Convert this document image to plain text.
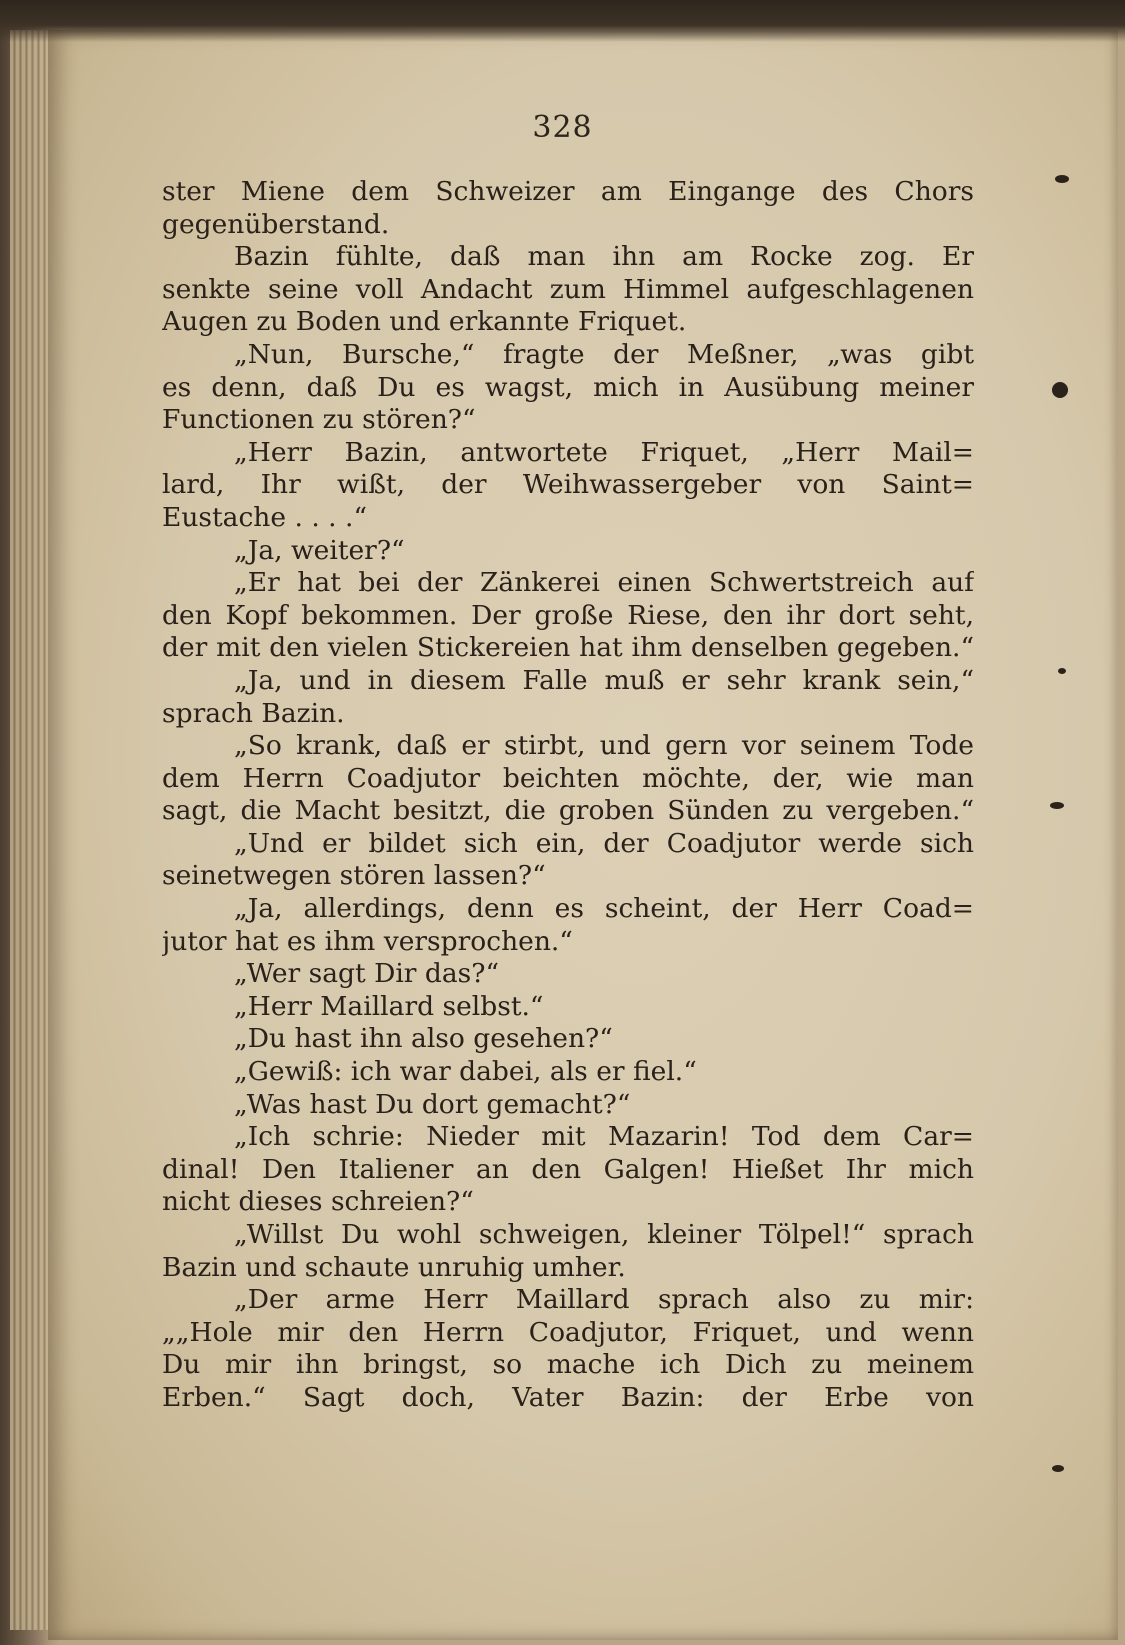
328
ster Miene dem Schweizer am Eingange des Chors
gegenüberstand.
Bazin fühlte, daß man ihn am Rocke zog. Er
senkte seine voll Andacht zum Himmel aufgeschlagenen
Augen zu Boden und erkannte Friquet.
„Nun, Bursche,“ fragte der Meßner, „was gibt
es denn, daß Du es wagst, mich in Ausübung meiner
Functionen zu stören?“
„Herr Bazin, antwortete Friquet, „Herr Mail=
lard, Ihr wißt, der Weihwassergeber von Saint=
Eustache . . . .“
„Ja, weiter?“
„Er hat bei der Zänkerei einen Schwertstreich auf
den Kopf bekommen. Der große Riese, den ihr dort seht,
der mit den vielen Stickereien hat ihm denselben gegeben.“
„Ja, und in diesem Falle muß er sehr krank sein,“
sprach Bazin.
„So krank, daß er stirbt, und gern vor seinem Tode
dem Herrn Coadjutor beichten möchte, der, wie man
sagt, die Macht besitzt, die groben Sünden zu vergeben.“
„Und er bildet sich ein, der Coadjutor werde sich
seinetwegen stören lassen?“
„Ja, allerdings, denn es scheint, der Herr Coad=
jutor hat es ihm versprochen.“
„Wer sagt Dir das?“
„Herr Maillard selbst.“
„Du hast ihn also gesehen?“
„Gewiß: ich war dabei, als er fiel.“
„Was hast Du dort gemacht?“
„Ich schrie: Nieder mit Mazarin! Tod dem Car=
dinal! Den Italiener an den Galgen! Hießet Ihr mich
nicht dieses schreien?“
„Willst Du wohl schweigen, kleiner Tölpel!“ sprach
Bazin und schaute unruhig umher.
„Der arme Herr Maillard sprach also zu mir:
„„Hole mir den Herrn Coadjutor, Friquet, und wenn
Du mir ihn bringst, so mache ich Dich zu meinem
Erben.“ Sagt doch, Vater Bazin: der Erbe von
